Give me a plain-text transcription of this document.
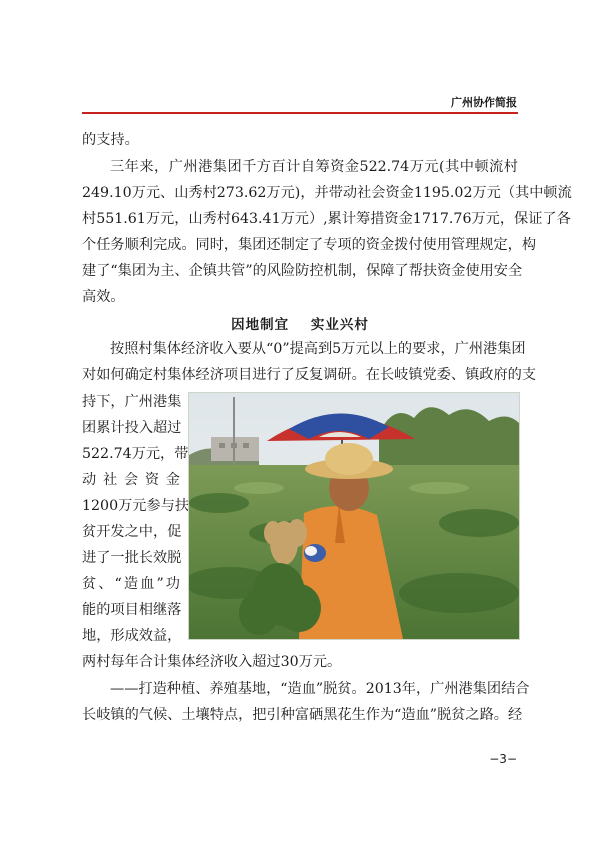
广州协作简报
的支持。
三年来，广州港集团千方百计自筹资金522.74万元(其中顿流村
249.10万元、山秀村273.62万元)，并带动社会资金1195.02万元（其中顿流
村551.61万元，山秀村643.41万元）,累计筹措资金1717.76万元，保证了各
个任务顺利完成。同时，集团还制定了专项的资金拨付使用管理规定，构
建了“集团为主、企镇共管”的风险防控机制，保障了帮扶资金使用安全
高效。
因地制宜 实业兴村
按照村集体经济收入要从“0”提高到5万元以上的要求，广州港集团
对如何确定村集体经济项目进行了反复调研。在长岐镇党委、镇政府的支
持下，广州港集
团累计投入超过
522.74万元，带
动社会资金
1200万元参与扶
贫开发之中，促
进了一批长效脱
贫、“造血”功
能的项目相继落
地，形成效益，
两村每年合计集体经济收入超过30万元。
——打造种植、养殖基地，“造血”脱贫。2013年，广州港集团结合
长岐镇的气候、土壤特点，把引种富硒黑花生作为“造血”脱贫之路。经
−3−
